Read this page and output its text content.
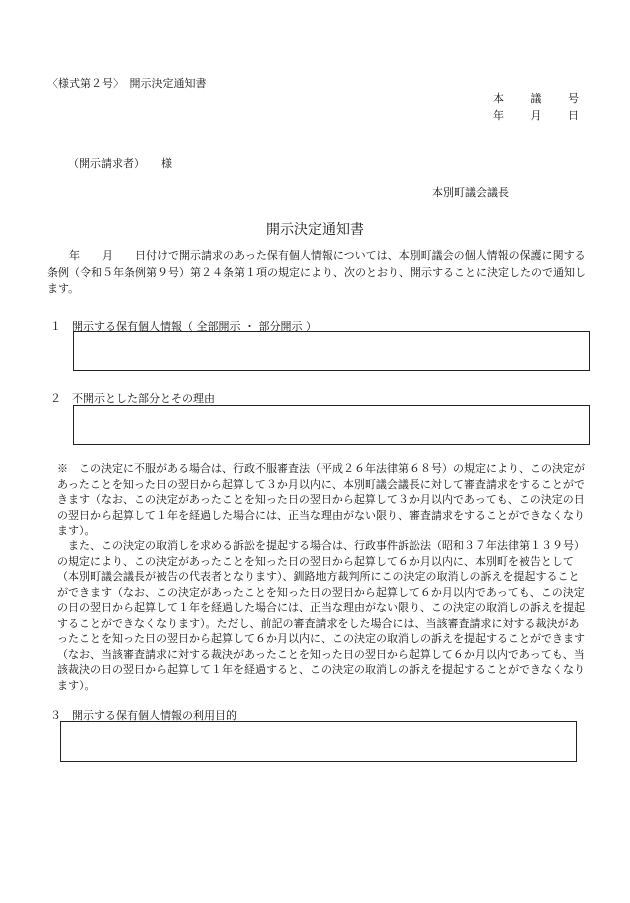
〈様式第２号〉　開示決定通知書
本 議 号
年 月 日
（開示請求者） 様
本別町議会議長
開示決定通知書
　　年　　月　　日付けで開示請求のあった保有個人情報については、本別町議会の個人情報の保護に関する条例（令和５年条例第９号）第２４条第１項の規定により、次のとおり、開示することに決定したので通知します。
１　開示する保有個人情報（ 全部開示 ・ 部分開示 ）
２　不開示とした部分とその理由
※　この決定に不服がある場合は、行政不服審査法（平成２６年法律第６８号）の規定により、この決定があったことを知った日の翌日から起算して３か月以内に、本別町議会議長に対して審査請求をすることができます（なお、この決定があったことを知った日の翌日から起算して３か月以内であっても、この決定の日の翌日から起算して１年を経過した場合には、正当な理由がない限り、審査請求をすることができなくなります）。
また、この決定の取消しを求める訴訟を提起する場合は、行政事件訴訟法（昭和３７年法律第１３９号）の規定により、この決定があったことを知った日の翌日から起算して６か月以内に、本別町を被告として（本別町議会議長が被告の代表者となります）、釧路地方裁判所にこの決定の取消しの訴えを提起することができます（なお、この決定があったことを知った日の翌日から起算して６か月以内であっても、この決定の日の翌日から起算して１年を経過した場合には、正当な理由がない限り、この決定の取消しの訴えを提起することができなくなります）。ただし、前記の審査請求をした場合には、当該審査請求に対する裁決があったことを知った日の翌日から起算して６か月以内に、この決定の取消しの訴えを提起することができます（なお、当該審査請求に対する裁決があったことを知った日の翌日から起算して６か月以内であっても、当該裁決の日の翌日から起算して１年を経過すると、この決定の取消しの訴えを提起することができなくなります）。
３　開示する保有個人情報の利用目的
